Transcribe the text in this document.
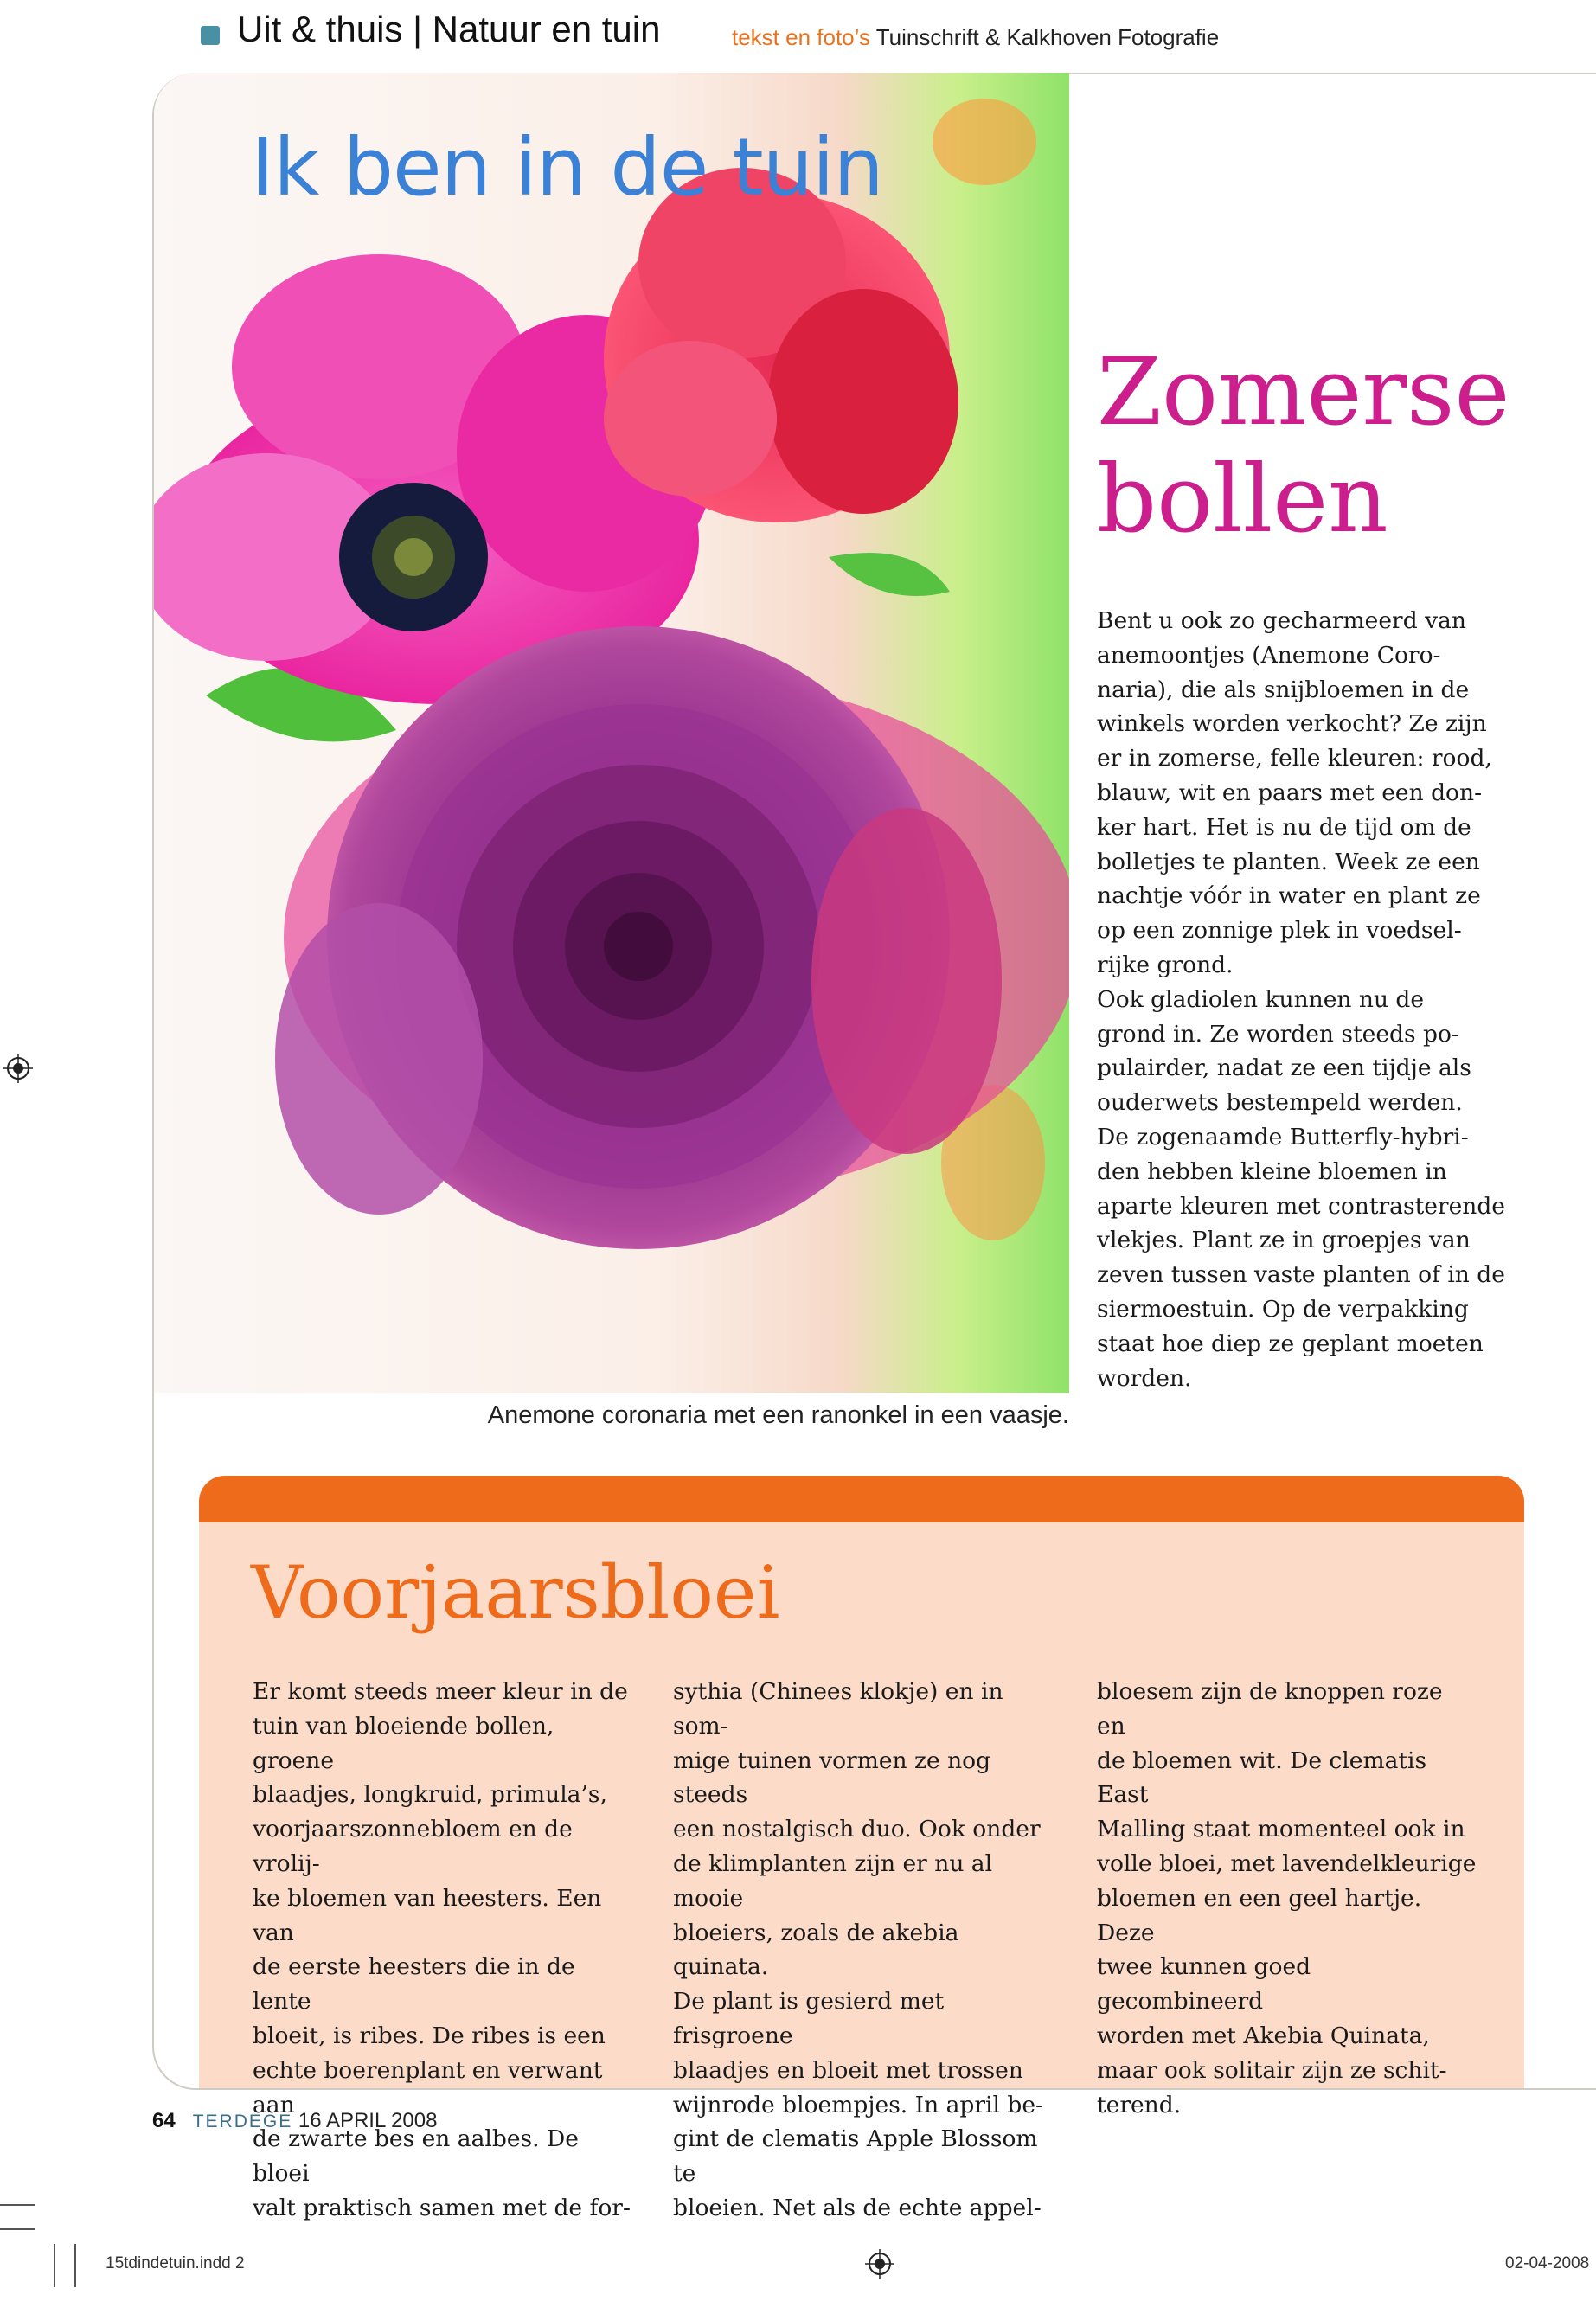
Uit & thuis | Natuur en tuin	tekst en foto’s Tuinschrift & Kalkhoven Fotografie
Ik ben in de tuin
Anemone coronaria met een ranonkel in een vaasje.
Zomerse
bollen

Bent u ook zo gecharmeerd van

anemoontjes (Anemone Coro-

naria), die als snijbloemen in de

winkels worden verkocht? Ze zijn

er in zomerse, felle kleuren: rood,

blauw, wit en paars met een don-

ker hart. Het is nu de tijd om de

bolletjes te planten. Week ze een

nachtje vóór in water en plant ze

op een zonnige plek in voedsel-

rijke grond.

Ook gladiolen kunnen nu de

grond in. Ze worden steeds po-

pulairder, nadat ze een tijdje als

ouderwets bestempeld werden.

De zogenaamde Butterfly-hybri-

den hebben kleine bloemen in

aparte kleuren met contrasterende

vlekjes. Plant ze in groepjes van

zeven tussen vaste planten of in de

siermoestuin. Op de verpakking

staat hoe diep ze geplant moeten

worden.

Voorjaarsbloei

Er komt steeds meer kleur in de

tuin van bloeiende bollen, groene

blaadjes, longkruid, primula’s,

voorjaarszonnebloem en de vrolij-

ke bloemen van heesters. Een van

de eerste heesters die in de lente

bloeit, is ribes. De ribes is een

echte boerenplant en verwant aan

de zwarte bes en aalbes. De bloei

valt praktisch samen met de for-

sythia (Chinees klokje) en in som-

mige tuinen vormen ze nog steeds

een nostalgisch duo. Ook onder

de klimplanten zijn er nu al mooie

bloeiers, zoals de akebia quinata.

De plant is gesierd met frisgroene

blaadjes en bloeit met trossen

wijnrode bloempjes. In april be-

gint de clematis Apple Blossom te

bloeien. Net als de echte appel-

bloesem zijn de knoppen roze en

de bloemen wit. De clematis East

Malling staat momenteel ook in

volle bloei, met lavendelkleurige

bloemen en een geel hartje. Deze

twee kunnen goed gecombineerd

worden met Akebia Quinata,

maar ook solitair zijn ze schit-

terend.

64 TERDEGE 16 APRIL 2008
15tdindetuin.indd 2	02-04-2008
